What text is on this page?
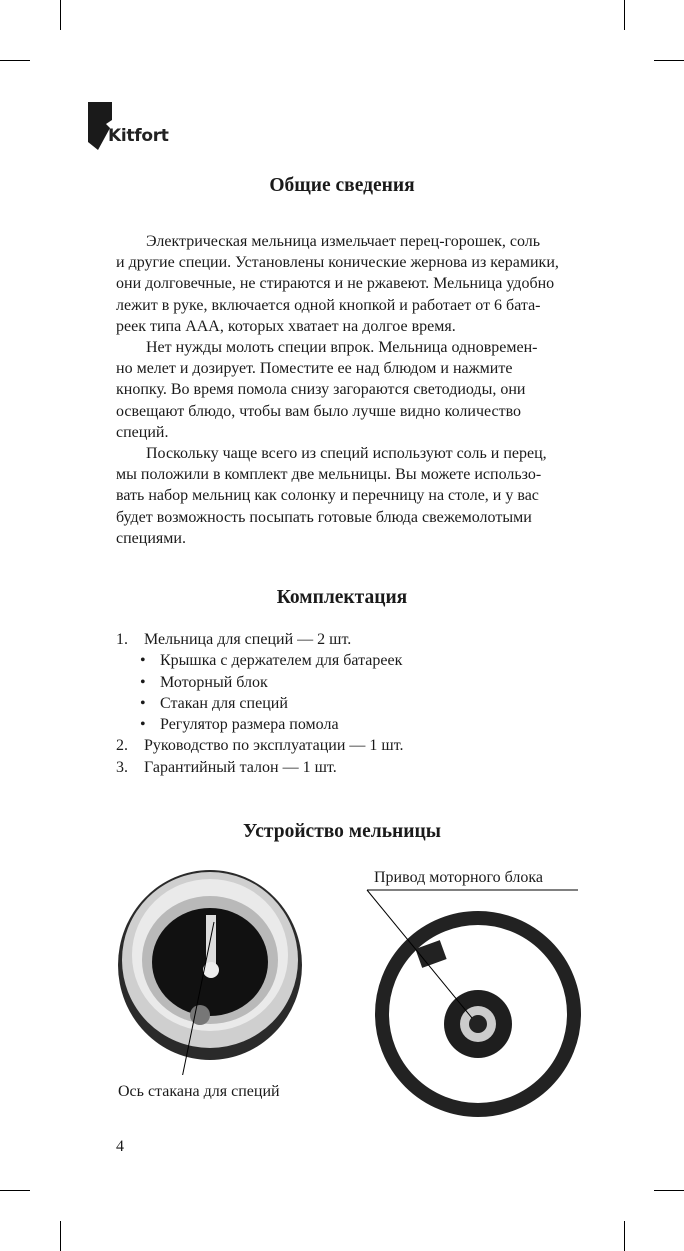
Kitfort
Общие сведения
Электрическая мельница измельчает перец-горошек, соль
и другие специи. Установлены конические жернова из керамики,
они долговечные, не стираются и не ржавеют. Мельница удобно
лежит в руке, включается одной кнопкой и работает от 6 бата-
реек типа ААА, которых хватает на долгое время.
Нет нужды молоть специи впрок. Мельница одновремен-
но мелет и дозирует. Поместите ее над блюдом и нажмите
кнопку. Во время помола снизу загораются светодиоды, они
освещают блюдо, чтобы вам было лучше видно количество
специй.
Поскольку чаще всего из специй используют соль и перец,
мы положили в комплект две мельницы. Вы можете использо-
вать набор мельниц как солонку и перечницу на столе, и у вас
будет возможность посыпать готовые блюда свежемолотыми
специями.
Комплектация
1. Мельница для специй — 2 шт.
• Крышка с держателем для батареек
• Моторный блок
• Стакан для специй
• Регулятор размера помола
2. Руководство по эксплуатации — 1 шт.
3. Гарантийный талон — 1 шт.
Устройство мельницы
Ось стакана для специй
Привод моторного блока
4
